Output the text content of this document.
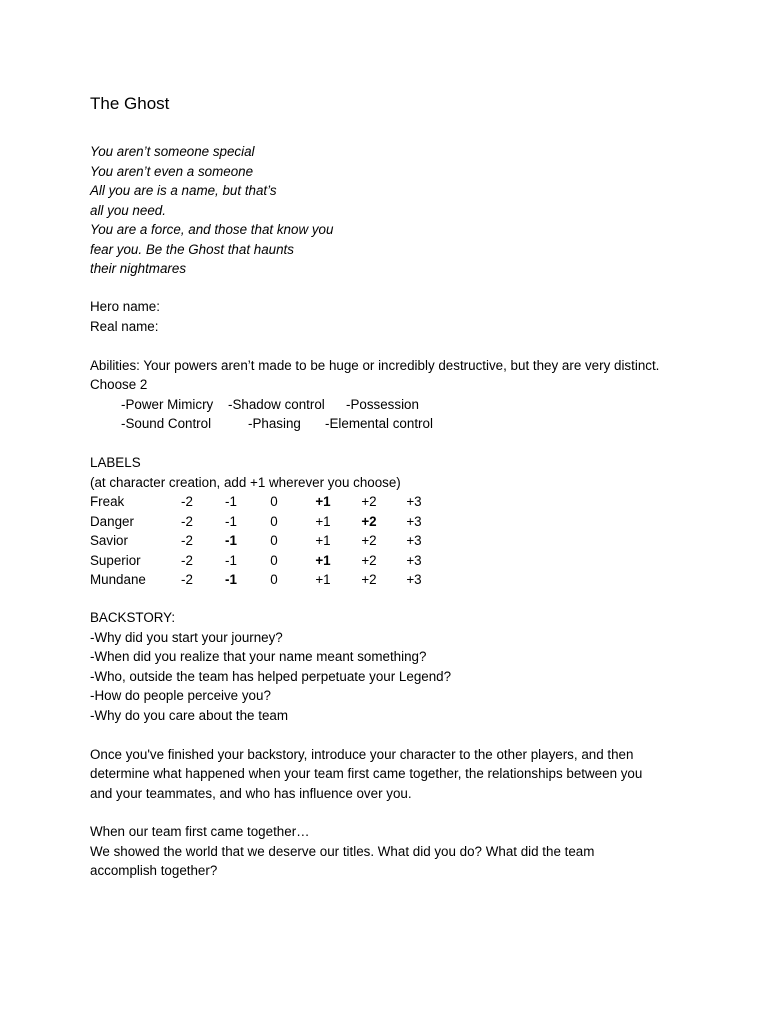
The Ghost
You aren’t someone special
You aren’t even a someone
All you are is a name, but that’s
all you need.
You are a force, and those that know you
fear you. Be the Ghost that haunts
their nightmares
Hero name:
Real name:
Abilities: Your powers aren’t made to be huge or incredibly destructive, but they are very distinct.
Choose 2
-Power Mimicry -Shadow control -Possession
-Sound Control	-Phasing -Elemental control
LABELS
(at character creation, add +1 wherever you choose)
Freak	-2	-1	0	+1	+2	+3
Danger	-2	-1	0	+1	+2	+3
Savior	-2	-1	0	+1	+2	+3
Superior	-2	-1	0	+1	+2	+3
Mundane	-2	-1	0	+1	+2	+3
BACKSTORY:
-Why did you start your journey?
-When did you realize that your name meant something?
-Who, outside the team has helped perpetuate your Legend?
-How do people perceive you?
-Why do you care about the team
Once you've finished your backstory, introduce your character to the other players, and then
determine what happened when your team first came together, the relationships between you
and your teammates, and who has influence over you.
When our team first came together…
We showed the world that we deserve our titles. What did you do? What did the team
accomplish together?
